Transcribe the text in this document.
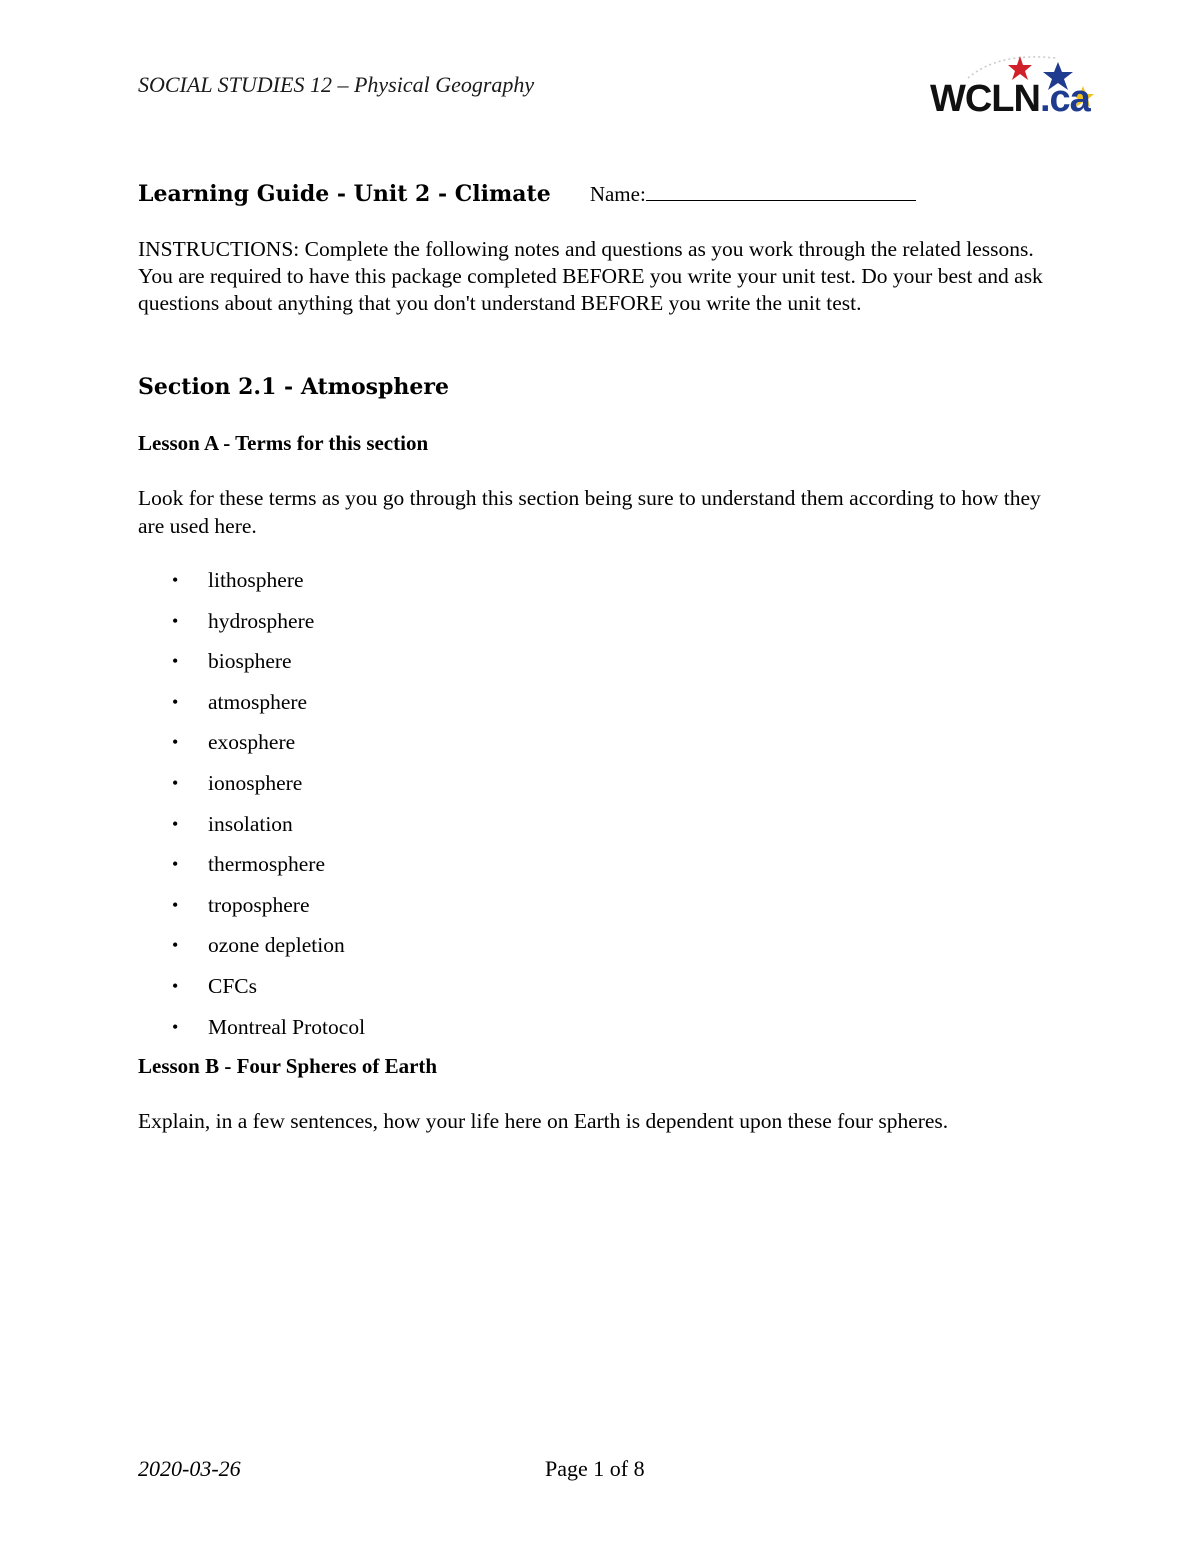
SOCIAL STUDIES 12 – Physical Geography	WCLN.ca
Learning Guide - Unit 2 - Climate Name:
INSTRUCTIONS: Complete the following notes and questions as you work through the related lessons. You are required to have this package completed BEFORE you write your unit test. Do your best and ask questions about anything that you don't understand BEFORE you write the unit test.
Section 2.1 - Atmosphere
Lesson A - Terms for this section
Look for these terms as you go through this section being sure to understand them according to how they are used here.
• lithosphere
• hydrosphere
• biosphere
• atmosphere
• exosphere
• ionosphere
• insolation
• thermosphere
• troposphere
• ozone depletion
• CFCs
• Montreal Protocol
Lesson B - Four Spheres of Earth
Explain, in a few sentences, how your life here on Earth is dependent upon these four spheres.
2020-03-26	Page 1 of 8
